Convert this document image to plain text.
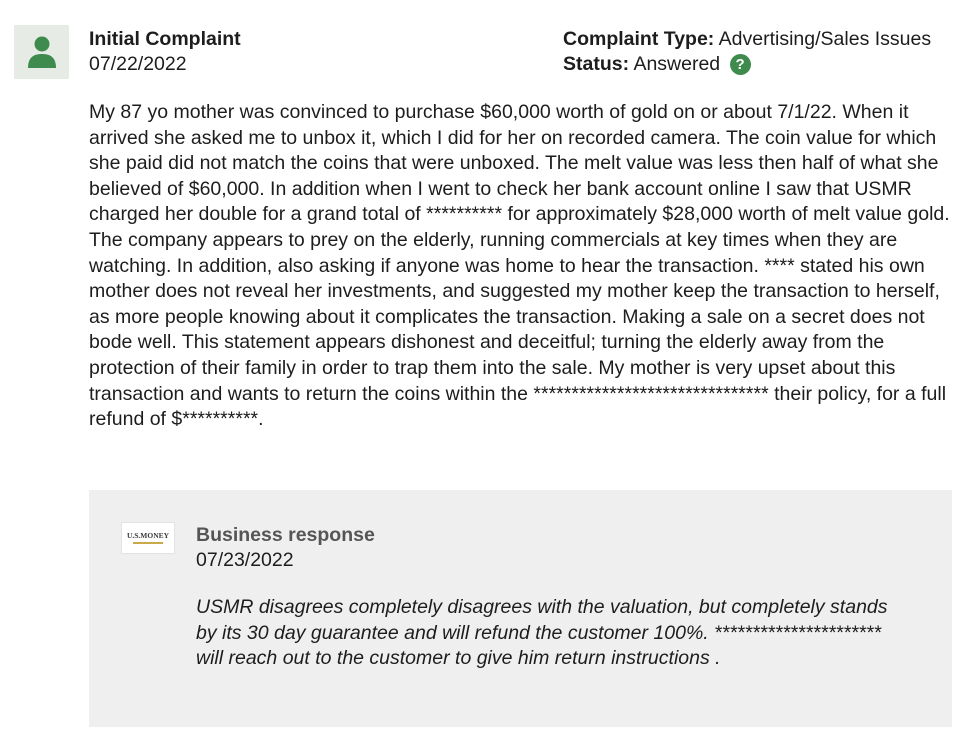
Initial Complaint
07/22/2022
Complaint Type: Advertising/Sales Issues
Status: Answered ?

My 87 yo mother was convinced to purchase $60,000 worth of gold on or about 7/1/22. When it arrived she asked me to unbox it, which I did for her on recorded camera. The coin value for which she paid did not match the coins that were unboxed. The melt value was less then half of what she believed of $60,000. In addition when I went to check her bank account online I saw that USMR charged her double for a grand total of ********** for approximately $28,000 worth of melt value gold. The company appears to prey on the elderly, running commercials at key times when they are watching. In addition, also asking if anyone was home to hear the transaction. **** stated his own mother does not reveal her investments, and suggested my mother keep the transaction to herself, as more people knowing about it complicates the transaction. Making a sale on a secret does not bode well. This statement appears dishonest and deceitful; turning the elderly away from the protection of their family in order to trap them into the sale. My mother is very upset about this transaction and wants to return the coins within the ******************************* their policy, for a full refund of $**********.

U.S.MONEY Business response
07/23/2022

USMR disagrees completely disagrees with the valuation, but completely stands by its 30 day guarantee and will refund the customer 100%. ********************** will reach out to the customer to give him return instructions .
